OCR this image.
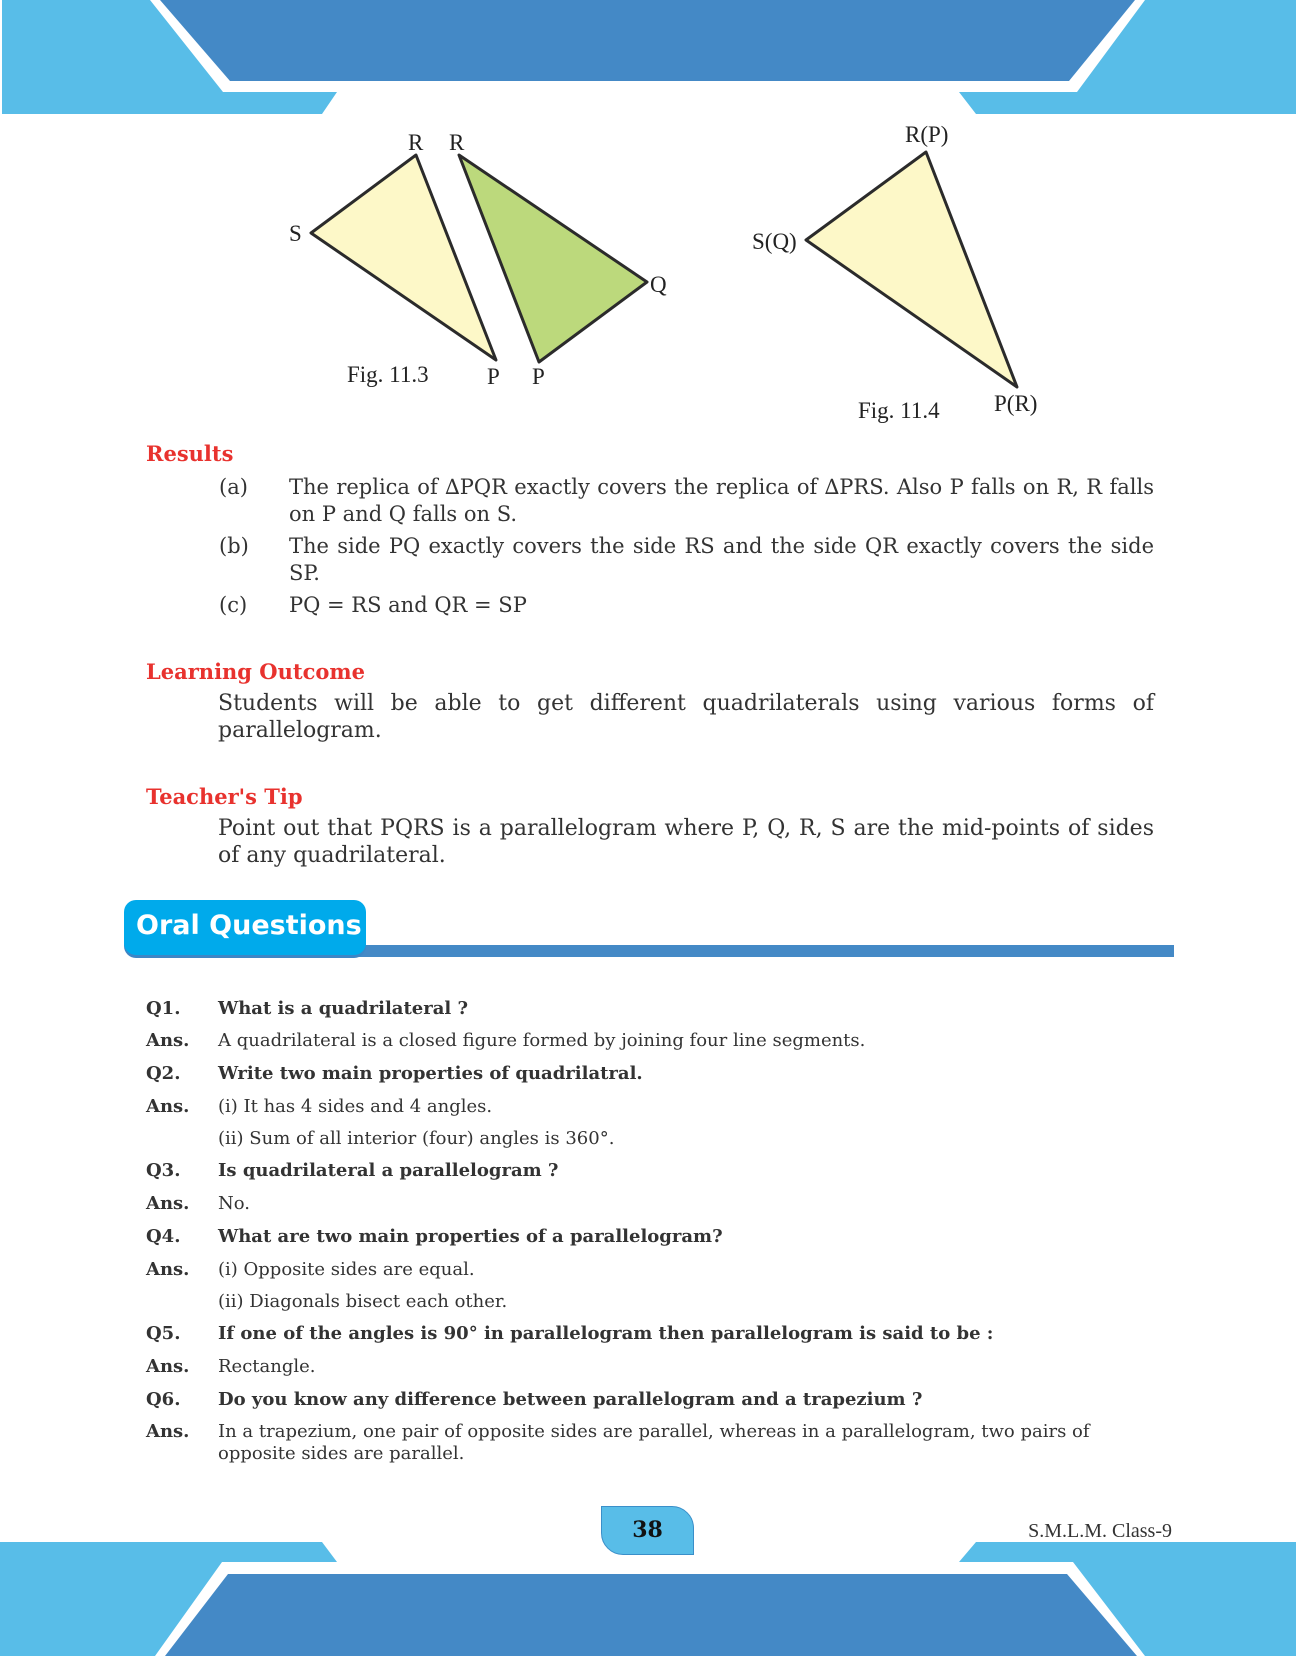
R R
S
Q
P P
Fig. 11.3
R(P)
S(Q)
P(R)
Fig. 11.4
Results
(a) The replica of ∆PQR exactly covers the replica of ∆PRS. Also P falls on R, R falls on P and Q falls on S.
(b) The side PQ exactly covers the side RS and the side QR exactly covers the side SP.
(c) PQ = RS and QR = SP
Learning Outcome
Students will be able to get different quadrilaterals using various forms of parallelogram.
Teacher's Tip
Point out that PQRS is a parallelogram where P, Q, R, S are the mid-points of sides of any quadrilateral.
Oral Questions
Q1. What is a quadrilateral ?
Ans. A quadrilateral is a closed figure formed by joining four line segments.
Q2. Write two main properties of quadrilatral.
Ans. (i) It has 4 sides and 4 angles.
(ii) Sum of all interior (four) angles is 360°.
Q3. Is quadrilateral a parallelogram ?
Ans. No.
Q4. What are two main properties of a parallelogram?
Ans. (i) Opposite sides are equal.
(ii) Diagonals bisect each other.
Q5. If one of the angles is 90° in parallelogram then parallelogram is said to be :
Ans. Rectangle.
Q6. Do you know any difference between parallelogram and a trapezium ?
Ans. In a trapezium, one pair of opposite sides are parallel, whereas in a parallelogram, two pairs of opposite sides are parallel.
38	S.M.L.M. Class-9
